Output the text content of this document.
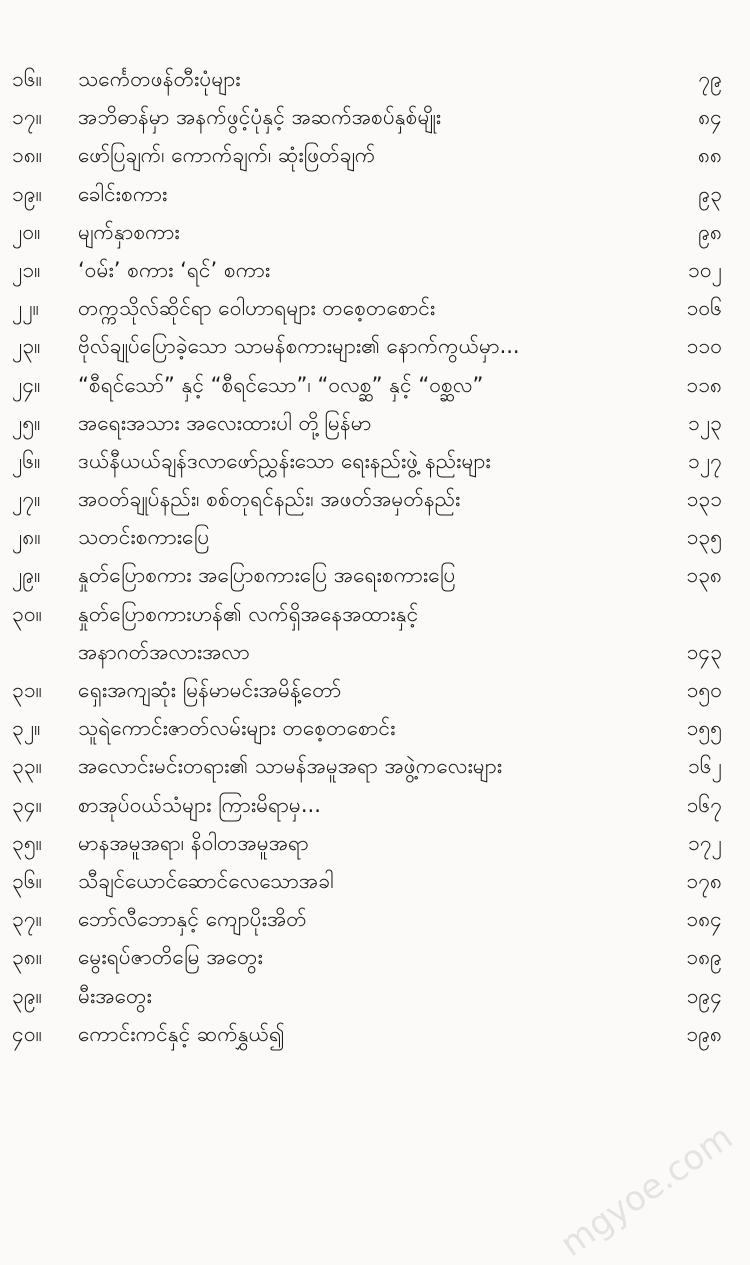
၁၆။	သင်္ကေတဖန်တီးပုံများ	၇၉
၁၇။	အဘိဓာန်မှာ အနက်ဖွင့်ပုံနှင့် အဆက်အစပ်နှစ်မျိုး	၈၄
၁၈။	ဖော်ပြချက်၊ ကောက်ချက်၊ ဆုံးဖြတ်ချက်	၈၈
၁၉။	ခေါင်းစကား	၉၃
၂၀။	မျက်နှာစကား	၉၈
၂၁။	‘ဝမ်း’ စကား ‘ရင်’ စကား	၁၀၂
၂၂။	တက္ကသိုလ်ဆိုင်ရာ ဝေါဟာရများ တစေ့တစောင်း	၁၀၆
၂၃။	ဗိုလ်ချုပ်ပြောခဲ့သော သာမန်စကားများ၏ နောက်ကွယ်မှာ...	၁၁၀
၂၄။	“စီရင်သော်” နှင့် “စီရင်သော”၊ “ဝလစ္ဆ” နှင့် “ဝစ္ဆလ”	၁၁၈
၂၅။	အရေးအသား အလေးထားပါ တို့မြန်မာ	၁၂၃
၂၆။	ဒယ်နီယယ်ချန်ဒလာဖော်ညွှန်းသော ရေးနည်းဖွဲ့ နည်းများ	၁၂၇
၂၇။	အဝတ်ချုပ်နည်း၊ စစ်တုရင်နည်း၊ အဖတ်အမှတ်နည်း	၁၃၁
၂၈။	သတင်းစကားပြေ	၁၃၅
၂၉။	နှုတ်ပြောစကား အပြောစကားပြေ အရေးစကားပြေ	၁၃၈
၃၀။	နှုတ်ပြောစကားဟန်၏ လက်ရှိအနေအထားနှင့်
အနာဂတ်အလားအလာ	၁၄၃
၃၁။	ရှေးအကျဆုံး မြန်မာမင်းအမိန့်တော်	၁၅၀
၃၂။	သူရဲကောင်းဇာတ်လမ်းများ တစေ့တစောင်း	၁၅၅
၃၃။	အလောင်းမင်းတရား၏ သာမန်အမူအရာ အဖွဲ့ကလေးများ	၁၆၂
၃၄။	စာအုပ်ဝယ်သံများ ကြားမိရာမှ...	၁၆၇
၃၅။	မာနအမူအရာ၊ နိဝါတအမူအရာ	၁၇၂
၃၆။	သီချင်ယောင်ဆောင်လေသောအခါ	၁၇၈
၃၇။	ဘော်လီဘောနှင့် ကျောပိုးအိတ်	၁၈၄
၃၈။	မွေးရပ်ဇာတိမြေ အတွေး	၁၈၉
၃၉။	မီးအတွေး	၁၉၄
၄၀။	ကောင်းကင်နှင့် ဆက်နွှယ်၍	၁၉၈
mgyoe.com
